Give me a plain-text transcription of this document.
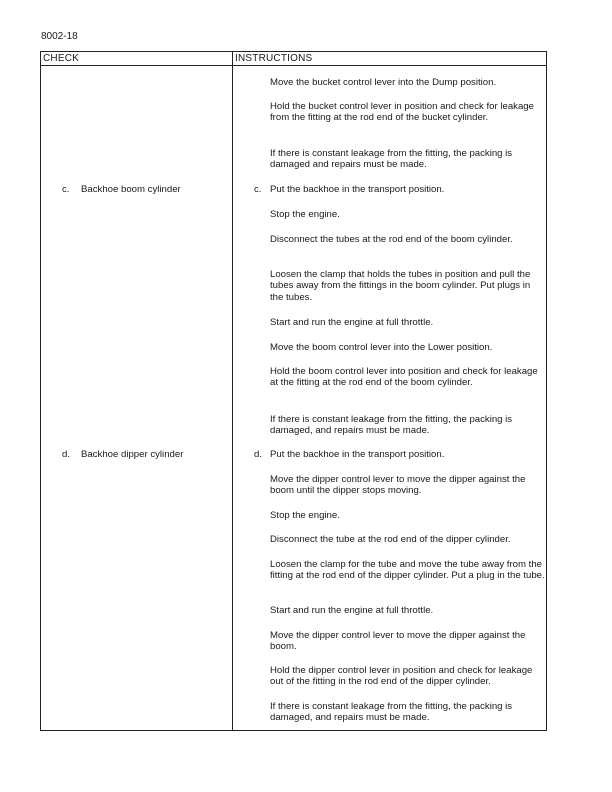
8002-18
CHECK	INSTRUCTIONS
Move the bucket control lever into the Dump position.
Hold the bucket control lever in position and check for leakage from the fitting at the rod end of the bucket cylinder.
If there is constant leakage from the fitting, the packing is damaged and repairs must be made.
c. Backhoe boom cylinder	c. Put the backhoe in the transport position.
Stop the engine.
Disconnect the tubes at the rod end of the boom cylinder.
Loosen the clamp that holds the tubes in position and pull the tubes away from the fittings in the boom cylinder. Put plugs in the tubes.
Start and run the engine at full throttle.
Move the boom control lever into the Lower position.
Hold the boom control lever into position and check for leakage at the fitting at the rod end of the boom cylinder.
If there is constant leakage from the fitting, the packing is damaged, and repairs must be made.
d. Backhoe dipper cylinder	d. Put the backhoe in the transport position.
Move the dipper control lever to move the dipper against the boom until the dipper stops moving.
Stop the engine.
Disconnect the tube at the rod end of the dipper cylinder.
Loosen the clamp for the tube and move the tube away from the fitting at the rod end of the dipper cylinder. Put a plug in the tube.
Start and run the engine at full throttle.
Move the dipper control lever to move the dipper against the boom.
Hold the dipper control lever in position and check for leakage out of the fitting in the rod end of the dipper cylinder.
If there is constant leakage from the fitting, the packing is damaged, and repairs must be made.
